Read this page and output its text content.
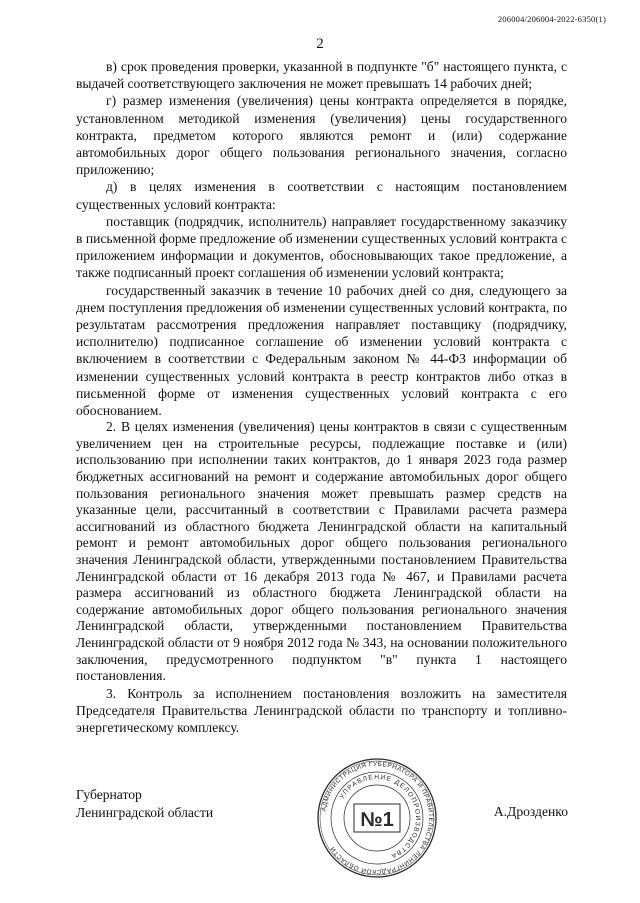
206004/206004-2022-6350(1)
2

в) срок проведения проверки, указанной в подпункте "б" настоящего пункта, с выдачей соответствующего заключения не может превышать 14 рабочих дней;

г) размер изменения (увеличения) цены контракта определяется в порядке, установленном методикой изменения (увеличения) цены государственного контракта, предметом которого являются ремонт и (или) содержание автомобильных дорог общего пользования регионального значения, согласно приложению;

д) в целях изменения в соответствии с настоящим постановлением существенных условий контракта:

поставщик (подрядчик, исполнитель) направляет государственному заказчику в письменной форме предложение об изменении существенных условий контракта с приложением информации и документов, обосновывающих такое предложение, а также подписанный проект соглашения об изменении условий контракта;

государственный заказчик в течение 10 рабочих дней со дня, следующего за днем поступления предложения об изменении существенных условий контракта, по результатам рассмотрения предложения направляет поставщику (подрядчику, исполнителю) подписанное соглашение об изменении условий контракта с включением в соответствии с Федеральным законом № 44-ФЗ информации об изменении существенных условий контракта в реестр контрактов либо отказ в письменной форме от изменения существенных условий контракта с его обоснованием.

2. В целях изменения (увеличения) цены контрактов в связи с существенным увеличением цен на строительные ресурсы, подлежащие поставке и (или) использованию при исполнении таких контрактов, до 1 января 2023 года размер бюджетных ассигнований на ремонт и содержание автомобильных дорог общего пользования регионального значения может превышать размер средств на указанные цели, рассчитанный в соответствии с Правилами расчета размера ассигнований из областного бюджета Ленинградской области на капитальный ремонт и ремонт автомобильных дорог общего пользования регионального значения Ленинградской области, утвержденными постановлением Правительства Ленинградской области от 16 декабря 2013 года № 467, и Правилами расчета размера ассигнований из областного бюджета Ленинградской области на содержание автомобильных дорог общего пользования регионального значения Ленинградской области, утвержденными постановлением Правительства Ленинградской области от 9 ноября 2012 года № 343, на основании положительного заключения, предусмотренного подпунктом "в" пункта 1 настоящего постановления.

3. Контроль за исполнением постановления возложить на заместителя Председателя Правительства Ленинградской области по транспорту и топливно-энергетическому комплексу.

Губернатор
Ленинградской области	А.Дрозденко
АДМИНИСТРАЦИЯ ГУБЕРНАТОРА И ПРАВИТЕЛЬСТВА ЛЕНИНГРАДСКОЙ ОБЛАСТИ
УПРАВЛЕНИЕ ДЕЛОПРОИЗВОДСТВА
№1
